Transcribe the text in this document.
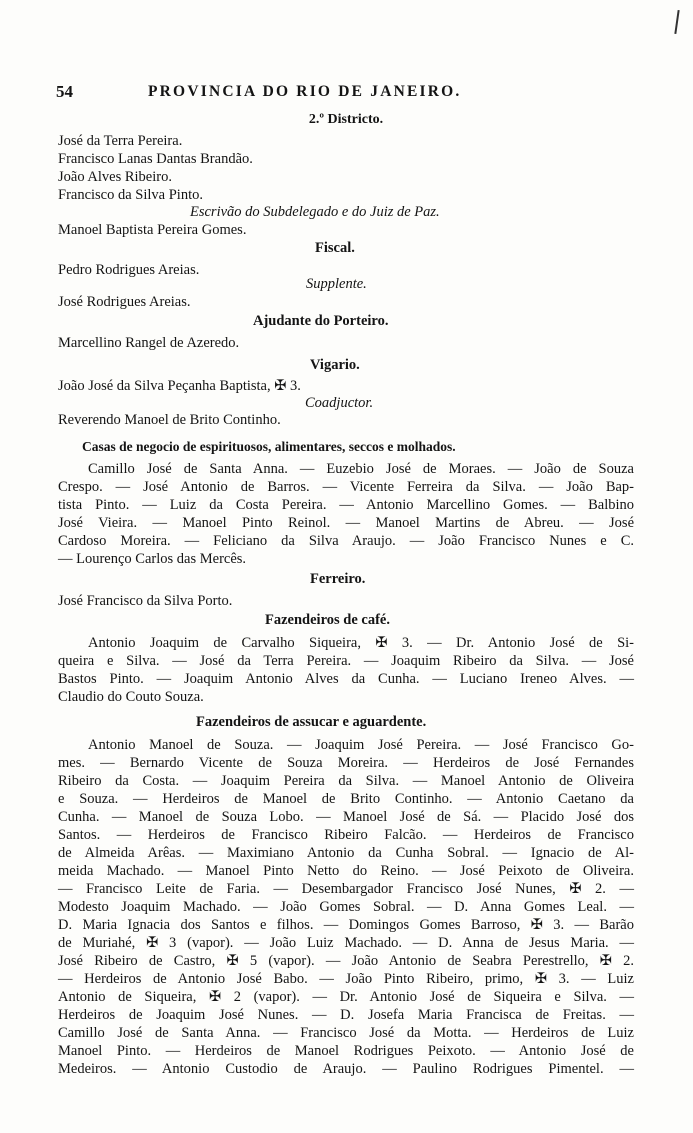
54	PROVINCIA DO RIO DE JANEIRO.
2.º Districto.
José da Terra Pereira.
Francisco Lanas Dantas Brandão.
João Alves Ribeiro.
Francisco da Silva Pinto.
Escrivão do Subdelegado e do Juiz de Paz.
Manoel Baptista Pereira Gomes.
Fiscal.
Pedro Rodrigues Areias.
Supplente.
José Rodrigues Areias.
Ajudante do Porteiro.
Marcellino Rangel de Azeredo.
Vigario.
João José da Silva Peçanha Baptista, ✠ 3.
Coadjuctor.
Reverendo Manoel de Brito Continho.
Casas de negocio de espirituosos, alimentares, seccos e molhados.
Camillo José de Santa Anna. — Euzebio José de Moraes. — João de Souza
Crespo. — José Antonio de Barros. — Vicente Ferreira da Silva. — João Bap-
tista Pinto. — Luiz da Costa Pereira. — Antonio Marcellino Gomes. — Balbino
José Vieira. — Manoel Pinto Reinol. — Manoel Martins de Abreu. — José
Cardoso Moreira. — Feliciano da Silva Araujo. — João Francisco Nunes e C.
— Lourenço Carlos das Mercês.
Ferreiro.
José Francisco da Silva Porto.
Fazendeiros de café.
Antonio Joaquim de Carvalho Siqueira, ✠ 3. — Dr. Antonio José de Si-
queira e Silva. — José da Terra Pereira. — Joaquim Ribeiro da Silva. — José
Bastos Pinto. — Joaquim Antonio Alves da Cunha. — Luciano Ireneo Alves. —
Claudio do Couto Souza.
Fazendeiros de assucar e aguardente.
Antonio Manoel de Souza. — Joaquim José Pereira. — José Francisco Go-
mes. — Bernardo Vicente de Souza Moreira. — Herdeiros de José Fernandes
Ribeiro da Costa. — Joaquim Pereira da Silva. — Manoel Antonio de Oliveira
e Souza. — Herdeiros de Manoel de Brito Continho. — Antonio Caetano da
Cunha. — Manoel de Souza Lobo. — Manoel José de Sá. — Placido José dos
Santos. — Herdeiros de Francisco Ribeiro Falcão. — Herdeiros de Francisco
de Almeida Arêas. — Maximiano Antonio da Cunha Sobral. — Ignacio de Al-
meida Machado. — Manoel Pinto Netto do Reino. — José Peixoto de Oliveira.
— Francisco Leite de Faria. — Desembargador Francisco José Nunes, ✠ 2. —
Modesto Joaquim Machado. — João Gomes Sobral. — D. Anna Gomes Leal. —
D. Maria Ignacia dos Santos e filhos. — Domingos Gomes Barroso, ✠ 3. — Barão
de Muriahé, ✠ 3 (vapor). — João Luiz Machado. — D. Anna de Jesus Maria. —
José Ribeiro de Castro, ✠ 5 (vapor). — João Antonio de Seabra Perestrello, ✠ 2.
— Herdeiros de Antonio José Babo. — João Pinto Ribeiro, primo, ✠ 3. — Luiz
Antonio de Siqueira, ✠ 2 (vapor). — Dr. Antonio José de Siqueira e Silva. —
Herdeiros de Joaquim José Nunes. — D. Josefa Maria Francisca de Freitas. —
Camillo José de Santa Anna. — Francisco José da Motta. — Herdeiros de Luiz
Manoel Pinto. — Herdeiros de Manoel Rodrigues Peixoto. — Antonio José de
Medeiros. — Antonio Custodio de Araujo. — Paulino Rodrigues Pimentel. —
